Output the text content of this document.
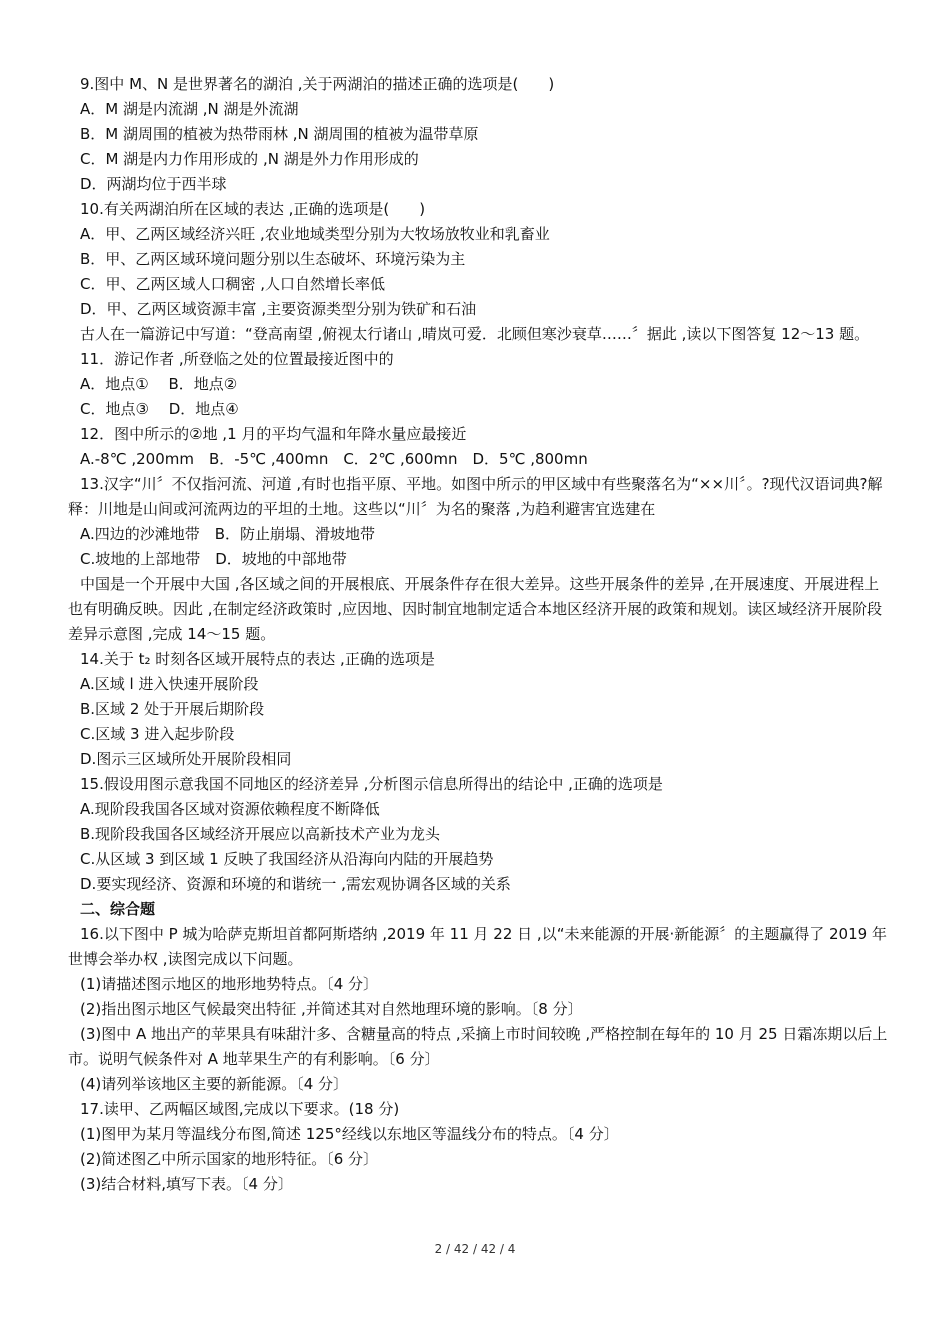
9.图中 M、N 是世界著名的湖泊 ,关于两湖泊的描述正确的选项是(　　)
A．M 湖是内流湖 ,N 湖是外流湖
B．M 湖周围的植被为热带雨林 ,N 湖周围的植被为温带草原
C．M 湖是内力作用形成的 ,N 湖是外力作用形成的
D．两湖均位于西半球
10.有关两湖泊所在区域的表达 ,正确的选项是(　　)
A．甲、乙两区域经济兴旺 ,农业地域类型分别为大牧场放牧业和乳畜业
B．甲、乙两区域环境问题分别以生态破坏、环境污染为主
C．甲、乙两区域人口稠密 ,人口自然增长率低
D．甲、乙两区域资源丰富 ,主要资源类型分别为铁矿和石油
古人在一篇游记中写道：“登高南望 ,俯视太行诸山 ,晴岚可爱．北顾但寒沙衰草……〞据此 ,读以下图答复 12～13 题。
11．游记作者 ,所登临之处的位置最接近图中的
A．地点①　 B．地点②
C．地点③　 D．地点④
12．图中所示的②地 ,1 月的平均气温和年降水量应最接近
A.-8℃ ,200mm　B．-5℃ ,400mn　C．2℃ ,600mn　D．5℃ ,800mn
13.汉字“川〞不仅指河流、河道 ,有时也指平原、平地。如图中所示的甲区域中有些聚落名为“××川〞。?现代汉语词典?解释：川地是山间或河流两边的平坦的土地。这些以“川〞为名的聚落 ,为趋利避害宜选建在
A.四边的沙滩地带　B．防止崩塌、滑坡地带
C.坡地的上部地带　D．坡地的中部地带
中国是一个开展中大国 ,各区域之间的开展根底、开展条件存在很大差异。这些开展条件的差异 ,在开展速度、开展进程上也有明确反映。因此 ,在制定经济政策时 ,应因地、因时制宜地制定适合本地区经济开展的政策和规划。读区域经济开展阶段差异示意图 ,完成 14～15 题。
14.关于 t₂ 时刻各区域开展特点的表达 ,正确的选项是
A.区域 l 进入快速开展阶段
B.区域 2 处于开展后期阶段
C.区域 3 进入起步阶段
D.图示三区域所处开展阶段相同
15.假设用图示意我国不同地区的经济差异 ,分析图示信息所得出的结论中 ,正确的选项是
A.现阶段我国各区域对资源依赖程度不断降低
B.现阶段我国各区域经济开展应以高新技术产业为龙头
C.从区域 3 到区域 1 反映了我国经济从沿海向内陆的开展趋势
D.要实现经济、资源和环境的和谐统一 ,需宏观协调各区域的关系
二、综合题
16.以下图中 P 城为哈萨克斯坦首都阿斯塔纳 ,2019 年 11 月 22 日 ,以“未来能源的开展·新能源〞的主题赢得了 2019 年世博会举办权 ,读图完成以下问题。
(1)请描述图示地区的地形地势特点。〔4 分〕
(2)指出图示地区气候最突出特征 ,并简述其对自然地理环境的影响。〔8 分〕
(3)图中 A 地出产的苹果具有味甜汁多、含糖量高的特点 ,采摘上市时间较晚 ,严格控制在每年的 10 月 25 日霜冻期以后上市。说明气候条件对 A 地苹果生产的有利影响。〔6 分〕
(4)请列举该地区主要的新能源。〔4 分〕
17.读甲、乙两幅区域图,完成以下要求。(18 分)
(1)图甲为某月等温线分布图,简述 125°经线以东地区等温线分布的特点。〔4 分〕
(2)简述图乙中所示国家的地形特征。〔6 分〕
(3)结合材料,填写下表。〔4 分〕
2 / 42 / 42 / 4
